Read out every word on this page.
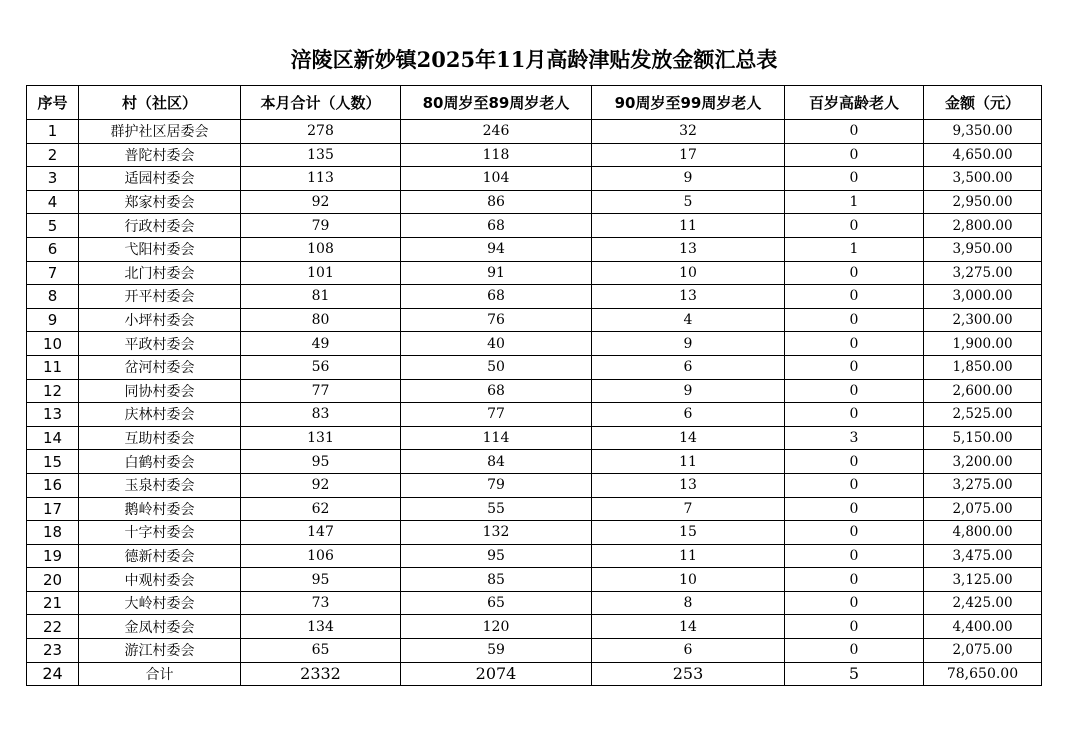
涪陵区新妙镇2025年11月高龄津贴发放金额汇总表
序号	村（社区）	本月合计（人数）	80周岁至89周岁老人	90周岁至99周岁老人	百岁高龄老人	金额（元）
1	群护社区居委会	278	246	32	0	9,350.00
2	普陀村委会	135	118	17	0	4,650.00
3	适园村委会	113	104	9	0	3,500.00
4	郑家村委会	92	86	5	1	2,950.00
5	行政村委会	79	68	11	0	2,800.00
6	弋阳村委会	108	94	13	1	3,950.00
7	北门村委会	101	91	10	0	3,275.00
8	开平村委会	81	68	13	0	3,000.00
9	小坪村委会	80	76	4	0	2,300.00
10	平政村委会	49	40	9	0	1,900.00
11	岔河村委会	56	50	6	0	1,850.00
12	同协村委会	77	68	9	0	2,600.00
13	庆林村委会	83	77	6	0	2,525.00
14	互助村委会	131	114	14	3	5,150.00
15	白鹤村委会	95	84	11	0	3,200.00
16	玉泉村委会	92	79	13	0	3,275.00
17	鹅岭村委会	62	55	7	0	2,075.00
18	十字村委会	147	132	15	0	4,800.00
19	德新村委会	106	95	11	0	3,475.00
20	中观村委会	95	85	10	0	3,125.00
21	大岭村委会	73	65	8	0	2,425.00
22	金凤村委会	134	120	14	0	4,400.00
23	游江村委会	65	59	6	0	2,075.00
24	合计	2332	2074	253	5	78,650.00
